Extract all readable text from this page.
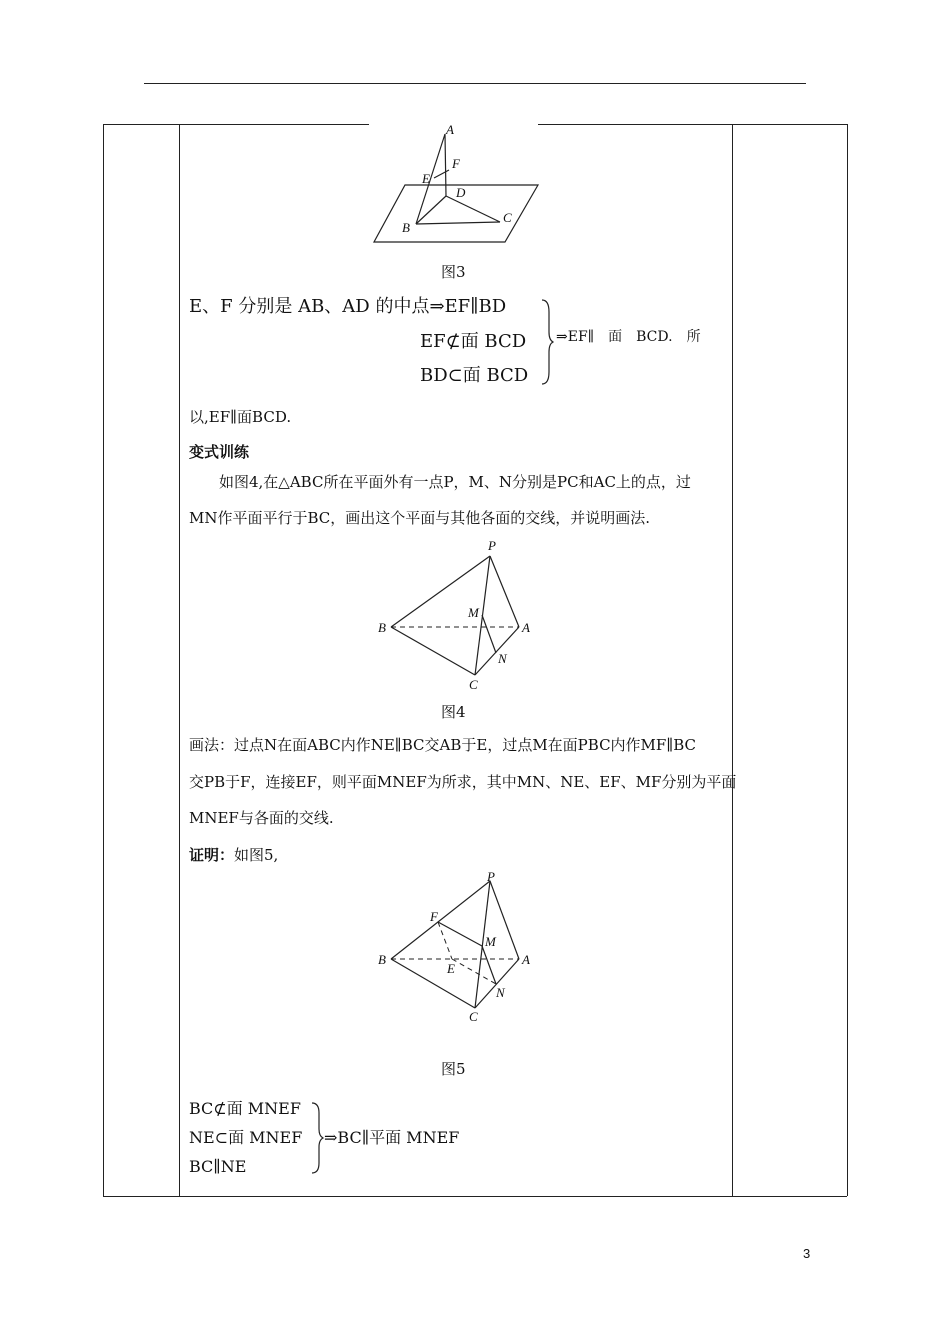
A
F
E
D
B
C
图3
E、F 分别是 AB、AD 的中点⇒EF∥BD
EF⊄面 BCD
BD⊂面 BCD
⇒EF∥　面　BCD.　所
以,EF∥面BCD.
变式训练
如图4,在△ABC所在平面外有一点P，M、N分别是PC和AC上的点，过
MN作平面平行于BC，画出这个平面与其他各面的交线，并说明画法.
P
M
B	A
N
C
图4
画法：过点N在面ABC内作NE∥BC交AB于E，过点M在面PBC内作MF∥BC
交PB于F，连接EF，则平面MNEF为所求，其中MN、NE、EF、MF分别为平面
MNEF与各面的交线.
证明：如图5,
P
F
M
B
E
A
N
C
图5
BC⊄面 MNEF
NE⊂面 MNEF
BC∥NE
⇒BC∥平面 MNEF
3
